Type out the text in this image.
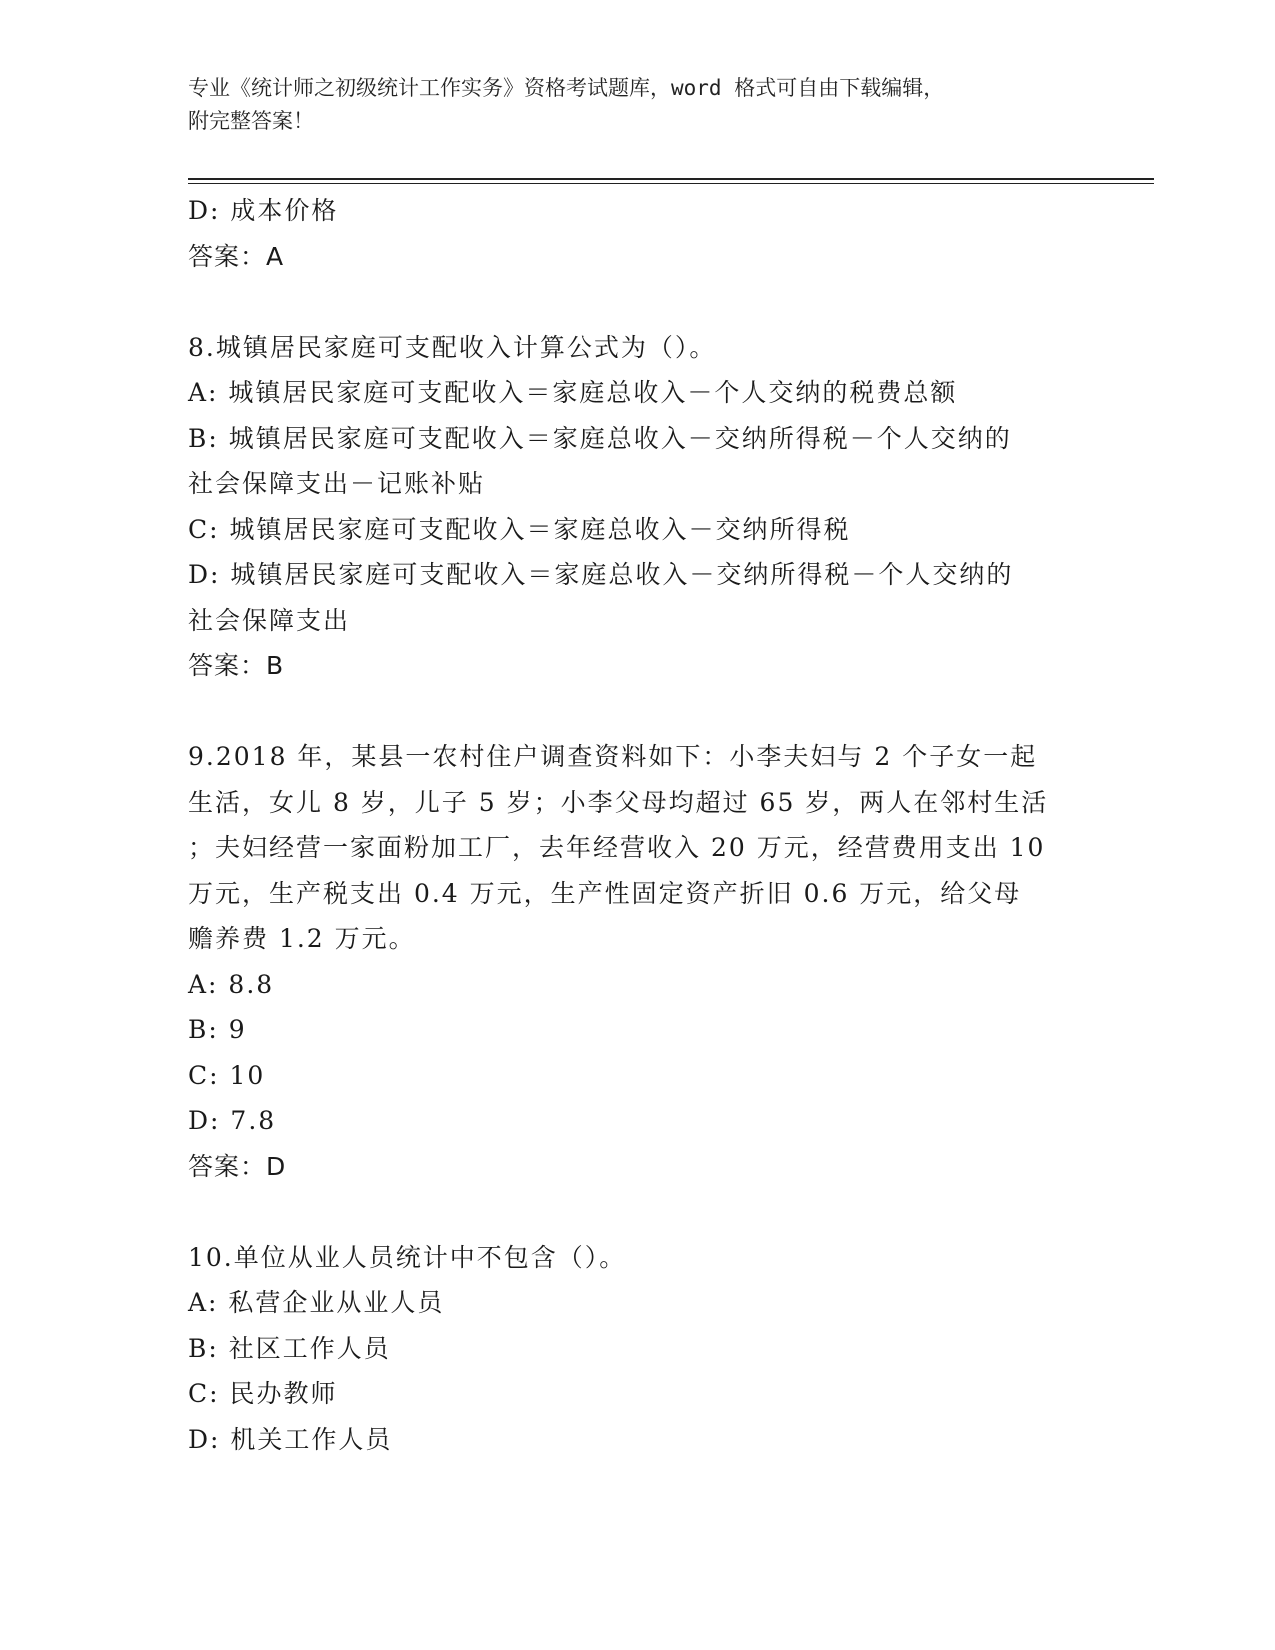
专业《统计师之初级统计工作实务》资格考试题库，word 格式可自由下载编辑，
附完整答案！
D: 成本价格
答案：A
8.城镇居民家庭可支配收入计算公式为（）。
A: 城镇居民家庭可支配收入＝家庭总收入－个人交纳的税费总额
B: 城镇居民家庭可支配收入＝家庭总收入－交纳所得税－个人交纳的
社会保障支出－记账补贴
C: 城镇居民家庭可支配收入＝家庭总收入－交纳所得税
D: 城镇居民家庭可支配收入＝家庭总收入－交纳所得税－个人交纳的
社会保障支出
答案：B
9.2018 年，某县一农村住户调查资料如下：小李夫妇与 2 个子女一起
生活，女儿 8 岁，儿子 5 岁；小李父母均超过 65 岁，两人在邻村生活
；夫妇经营一家面粉加工厂，去年经营收入 20 万元，经营费用支出 10
万元，生产税支出 0.4 万元，生产性固定资产折旧 0.6 万元，给父母
赡养费 1.2 万元。
A: 8.8
B: 9
C: 10
D: 7.8
答案：D
10.单位从业人员统计中不包含（）。
A: 私营企业从业人员
B: 社区工作人员
C: 民办教师
D: 机关工作人员
